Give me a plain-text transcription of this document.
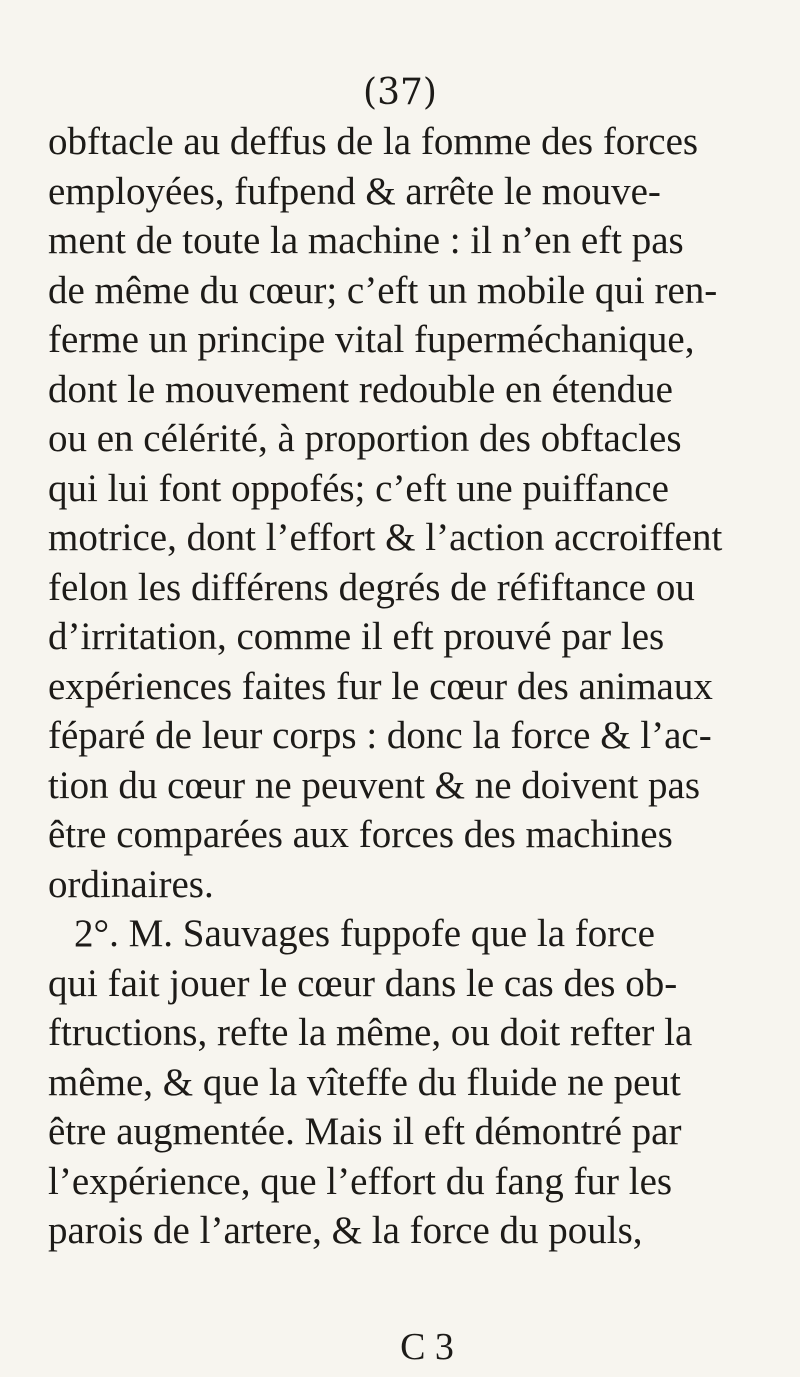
(37)
obftacle au deffus de la fomme des forces
employées, fufpend & arrête le mouve-
ment de toute la machine : il n’en eft pas
de même du cœur; c’eft un mobile qui ren-
ferme un principe vital fuperméchanique,
dont le mouvement redouble en étendue
ou en célérité, à proportion des obftacles
qui lui font oppofés; c’eft une puiffance
motrice, dont l’effort & l’action accroiffent
felon les différens degrés de réfiftance ou
d’irritation, comme il eft prouvé par les
expériences faites fur le cœur des animaux
féparé de leur corps : donc la force & l’ac-
tion du cœur ne peuvent & ne doivent pas
être comparées aux forces des machines
ordinaires.
2°. M. Sauvages fuppofe que la force
qui fait jouer le cœur dans le cas des ob-
ftructions, refte la même, ou doit refter la
même, & que la vîteffe du fluide ne peut
être augmentée. Mais il eft démontré par
l’expérience, que l’effort du fang fur les
parois de l’artere, & la force du pouls,
C 3
